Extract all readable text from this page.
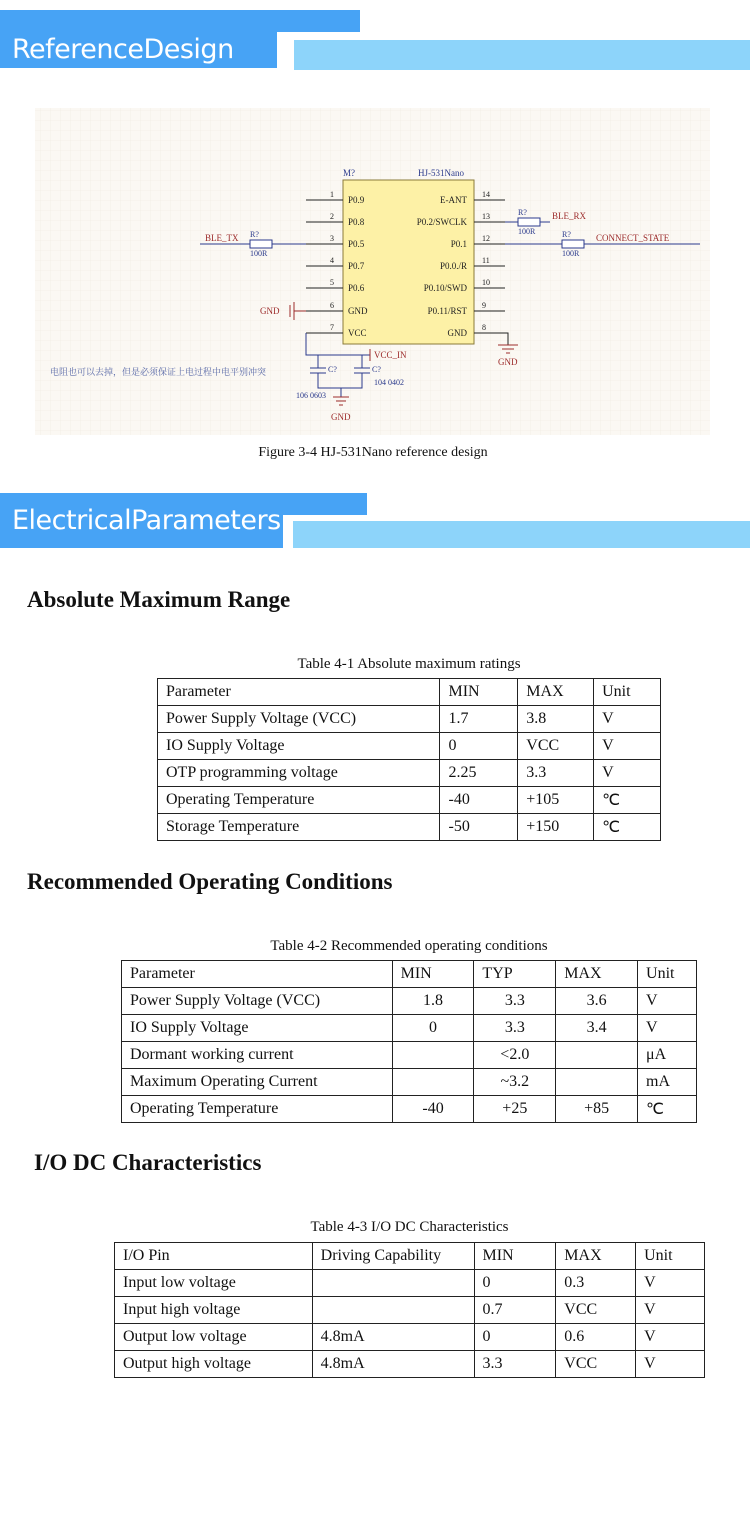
ReferenceDesign
M?	HJ-531Nano
1
P0.9
14
E-ANT
2
P0.8
13
P0.2/SWCLK
3
P0.5
12
P0.1
4
P0.7
11
P0.0./R
5
P0.6
10
P0.10/SWD
6
GND
9
P0.11/RST
7
VCC
8
GND
BLE_TX R?
100R
R?
100R
BLE_RX
R?
100R
CONNECT_STATE
GND
GND
VCC_IN
C?	C?
104 0402
106 0603
GND
电阻也可以去掉，但是必须保证上电过程中电平别冲突
Figure 3-4 HJ-531Nano reference design
ElectricalParameters
Absolute Maximum Range
Table 4-1 Absolute maximum ratings
Parameter	MIN	MAX	Unit
Power Supply Voltage (VCC)	1.7	3.8	V
IO Supply Voltage	0	VCC	V
OTP programming voltage	2.25	3.3	V
Operating Temperature	-40	+105	℃
Storage Temperature	-50	+150	℃
Recommended Operating Conditions
Table 4-2 Recommended operating conditions
Parameter	MIN	TYP	MAX	Unit
Power Supply Voltage (VCC)	1.8	3.3	3.6	V
IO Supply Voltage	0	3.3	3.4	V
Dormant working current		<2.0		μA
Maximum Operating Current		~3.2		mA
Operating Temperature	-40	+25	+85	℃
I/O DC Characteristics
Table 4-3 I/O DC Characteristics
I/O Pin	Driving Capability	MIN	MAX	Unit
Input low voltage		0	0.3	V
Input high voltage		0.7	VCC	V
Output low voltage	4.8mA	0	0.6	V
Output high voltage	4.8mA	3.3	VCC	V
